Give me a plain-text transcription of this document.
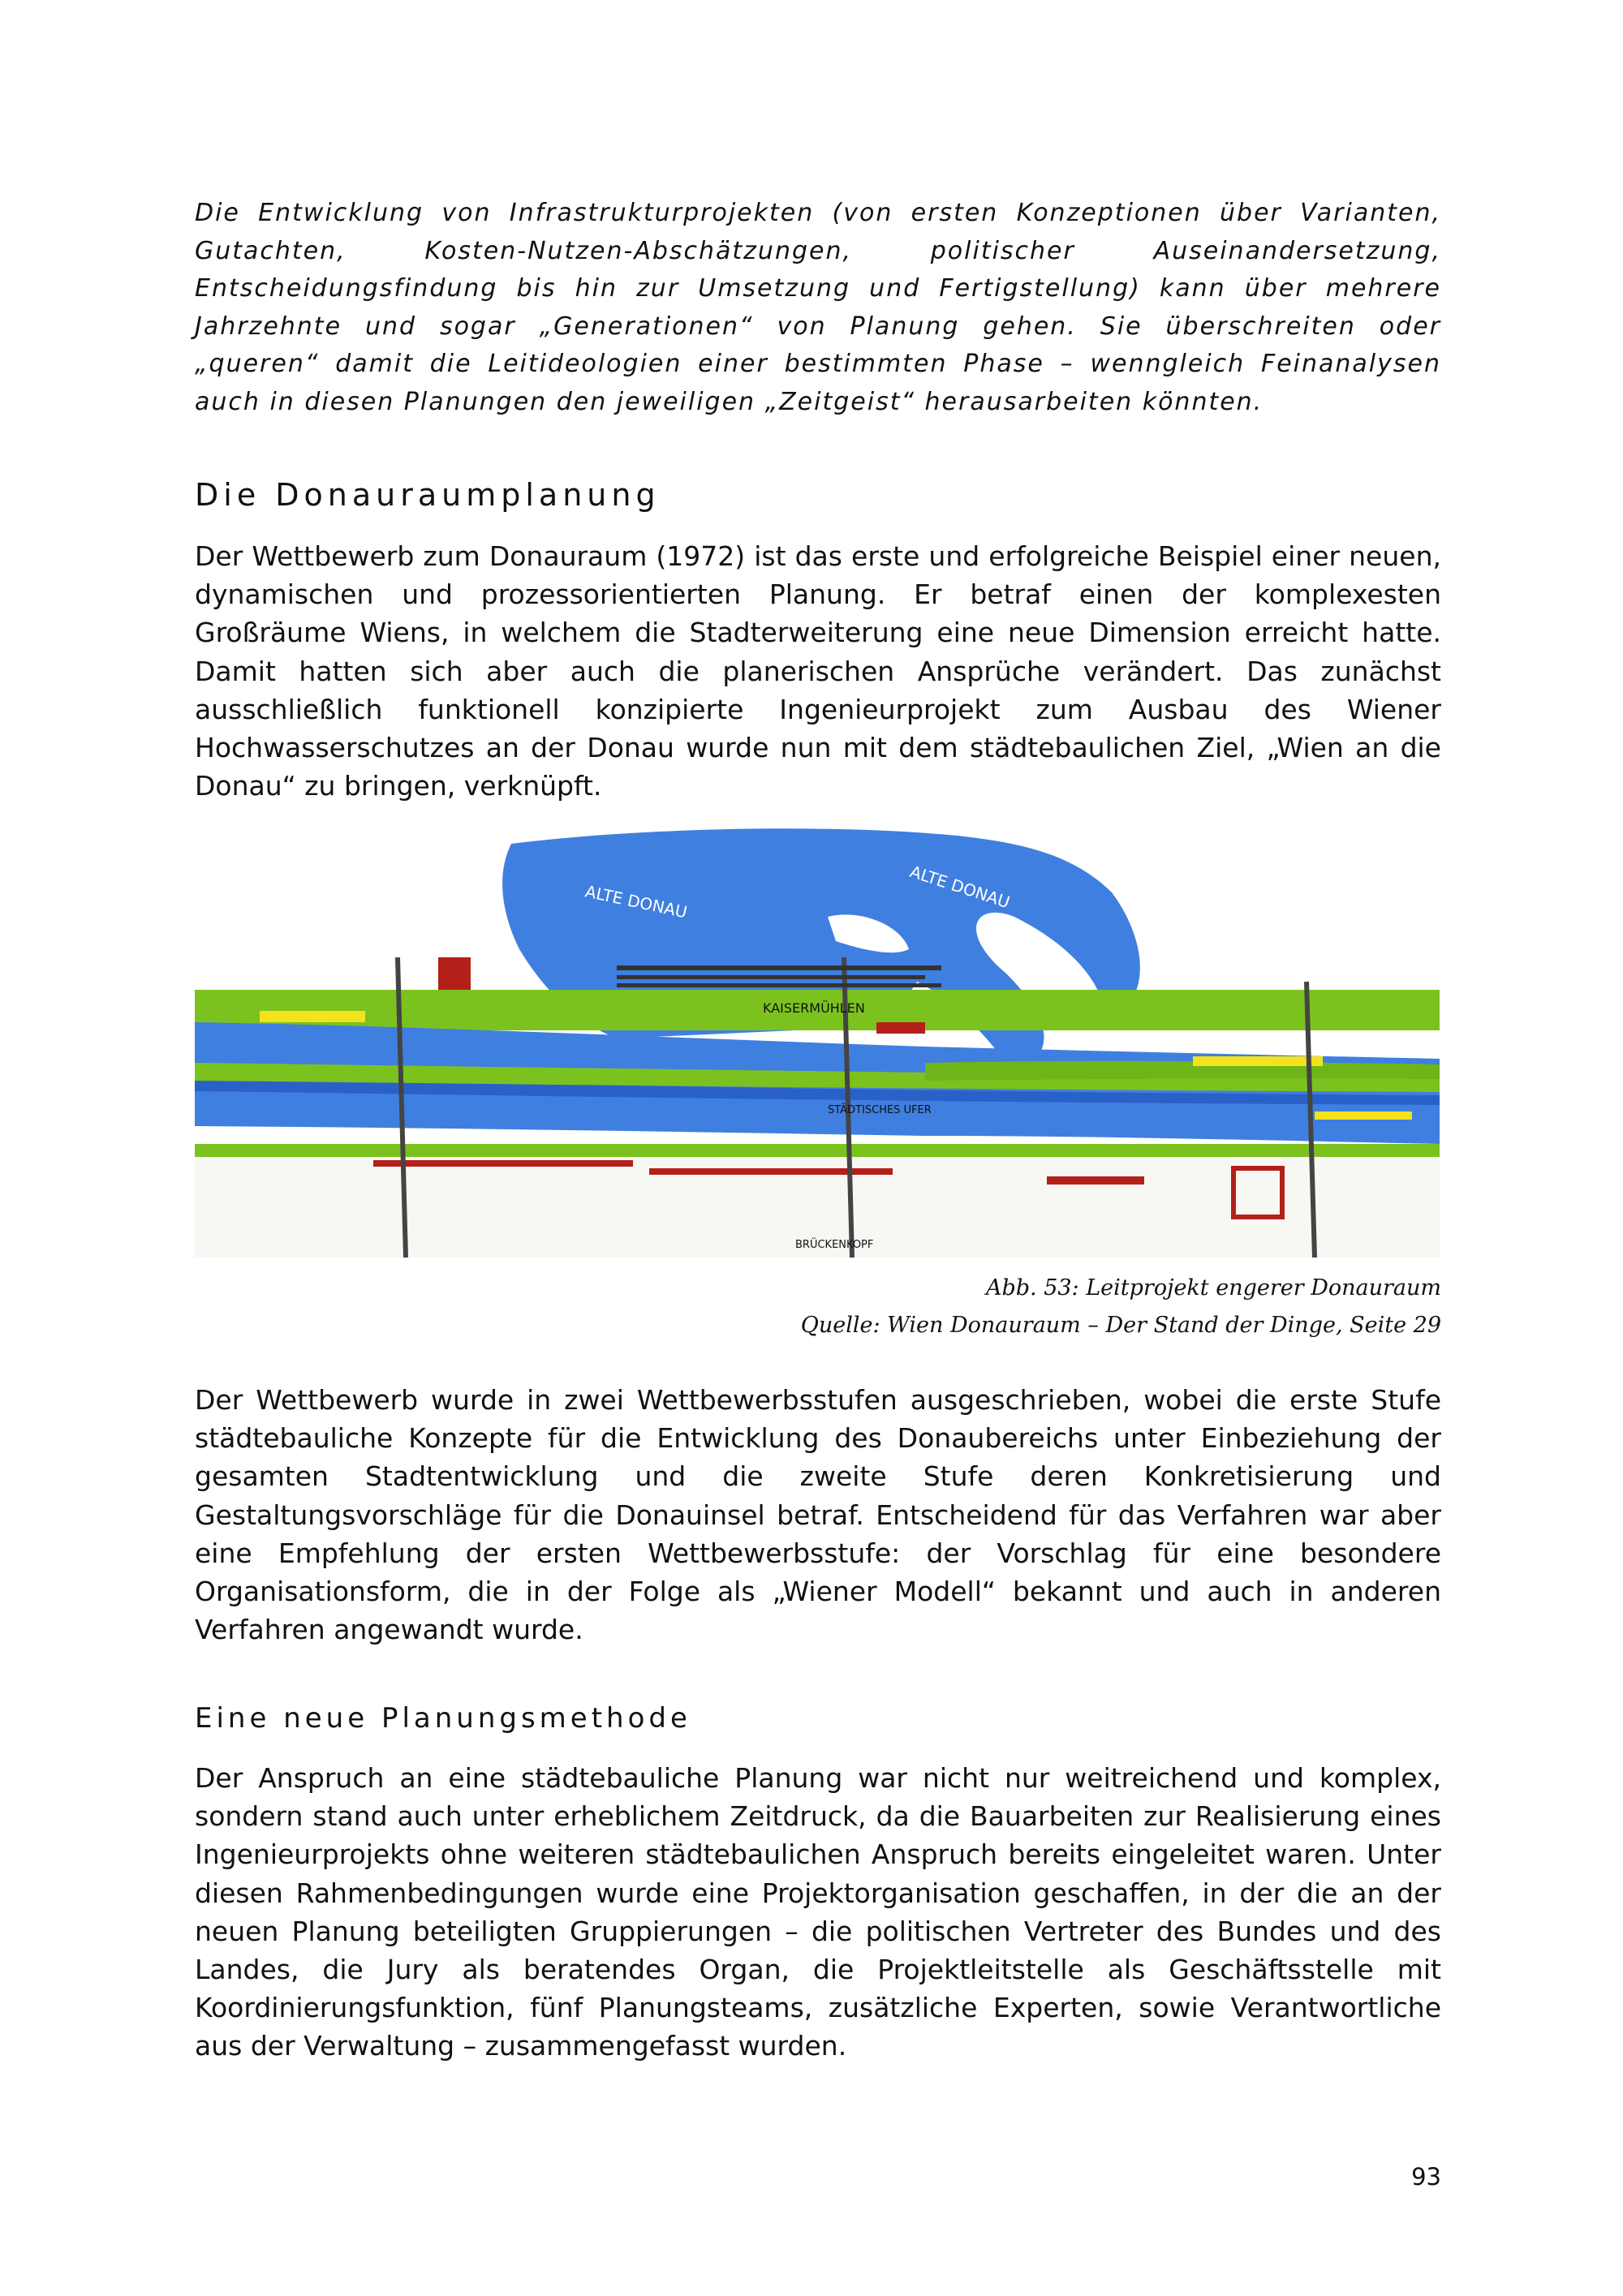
Die Entwicklung von Infrastrukturprojekten (von ersten Konzeptionen über Varianten, Gutachten, Kosten-Nutzen-Abschätzungen, politischer Auseinandersetzung, Entscheidungsfindung bis hin zur Umsetzung und Fertigstellung) kann über mehrere Jahrzehnte und sogar „Generationen“ von Planung gehen. Sie überschreiten oder „queren“ damit die Leitideologien einer bestimmten Phase – wenngleich Feinanalysen auch in diesen Planungen den jeweiligen „Zeitgeist“ herausarbeiten könnten.

Die Donauraumplanung

Der Wettbewerb zum Donauraum (1972) ist das erste und erfolgreiche Beispiel einer neuen, dynamischen und prozessorientierten Planung. Er betraf einen der komplexesten Großräume Wiens, in welchem die Stadterweiterung eine neue Dimension erreicht hatte. Damit hatten sich aber auch die planerischen Ansprüche verändert. Das zunächst ausschließlich funktionell konzipierte Ingenieurprojekt zum Ausbau des Wiener Hochwasserschutzes an der Donau wurde nun mit dem städtebaulichen Ziel, „Wien an die Donau“ zu bringen, verknüpft.

ALTE DONAU	ALTE DONAU
KAISERMÜHLEN
STÄDTISCHES UFER
BRÜCKENKOPF

Abb. 53: Leitprojekt engerer Donauraum

Quelle: Wien Donauraum – Der Stand der Dinge, Seite 29

Der Wettbewerb wurde in zwei Wettbewerbsstufen ausgeschrieben, wobei die erste Stufe städtebauliche Konzepte für die Entwicklung des Donaubereichs unter Einbeziehung der gesamten Stadtentwicklung und die zweite Stufe deren Konkretisierung und Gestaltungsvorschläge für die Donauinsel betraf. Entscheidend für das Verfahren war aber eine Empfehlung der ersten Wettbewerbsstufe: der Vorschlag für eine besondere Organisationsform, die in der Folge als „Wiener Modell“ bekannt und auch in anderen Verfahren angewandt wurde.

Eine neue Planungsmethode

Der Anspruch an eine städtebauliche Planung war nicht nur weitreichend und komplex, sondern stand auch unter erheblichem Zeitdruck, da die Bauarbeiten zur Realisierung eines Ingenieurprojekts ohne weiteren städtebaulichen Anspruch bereits eingeleitet waren. Unter diesen Rahmenbedingungen wurde eine Projektorganisation geschaffen, in der die an der neuen Planung beteiligten Gruppierungen – die politischen Vertreter des Bundes und des Landes, die Jury als beratendes Organ, die Projektleitstelle als Geschäftsstelle mit Koordinierungsfunktion, fünf Planungsteams, zusätzliche Experten, sowie Verantwortliche aus der Verwaltung – zusammengefasst wurden.

93
